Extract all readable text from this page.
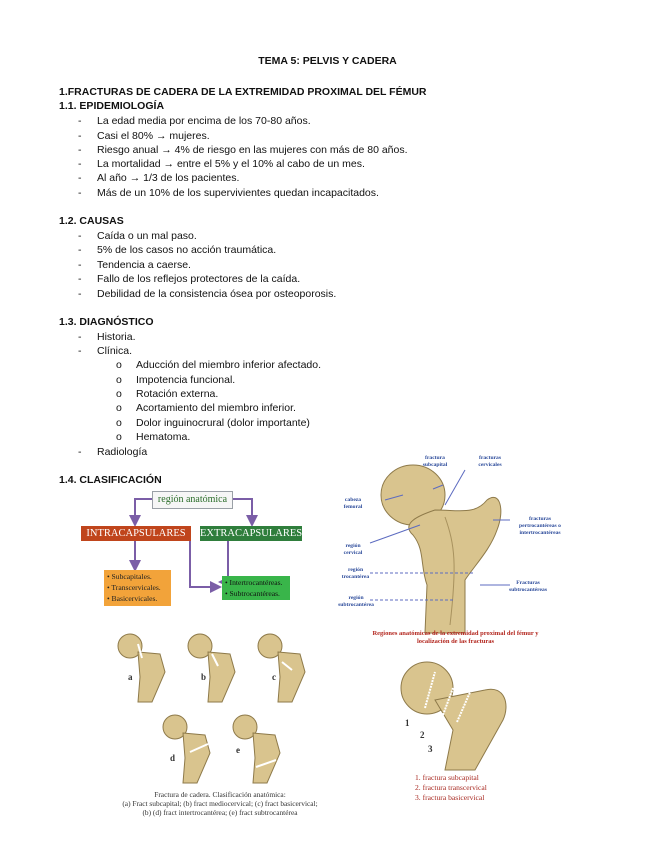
TEMA 5: PELVIS Y CADERA
1.FRACTURAS DE CADERA DE LA EXTREMIDAD PROXIMAL DEL FÉMUR
1.1. EPIDEMIOLOGÍA
- La edad media por encima de los 70-80 años.
- Casi el 80% → mujeres.
- Riesgo anual → 4% de riesgo en las mujeres con más de 80 años.
- La mortalidad → entre el 5% y el 10% al cabo de un mes.
- Al año → 1/3 de los pacientes.
- Más de un 10% de los supervivientes quedan incapacitados.
1.2. CAUSAS
- Caída o un mal paso.
- 5% de los casos no acción traumática.
- Tendencia a caerse.
- Fallo de los reflejos protectores de la caída.
- Debilidad de la consistencia ósea por osteoporosis.
1.3. DIAGNÓSTICO
- Historia.
- Clínica.
o Aducción del miembro inferior afectado.
o Impotencia funcional.
o Rotación externa.
o Acortamiento del miembro inferior.
o Dolor inguinocrural (dolor importante)
o Hematoma.
- Radiología
1.4. CLASIFICACIÓN
región anatómica
INTRACAPSULARES	EXTRACAPSULARES
• Subcapitales.
• Transcervicales.
• Basicervicales.
• Intertrocantéreas.
• Subtrocantéreas.
fractura subcapital
fracturas cervicales
cabeza femoral
fracturas pertrocantéreas o intertrocantéreas
región cervical
región trocantérea
Fracturas subtrocantéreas
región subtrocantérea
Regiones anatómicas de la extremidad proximal del fémur y localización de las fracturas
a	b	c
d
e
Fractura de cadera. Clasificación anatómica:
(a) Fract subcapital; (b) fract mediocervical; (c) fract basicervical;
(b) (d) fract intertrocantérea; (e) fract subtrocantérea
1
2
3
1. fractura subcapital
2. fractura transcervical
3. fractura basicervical
